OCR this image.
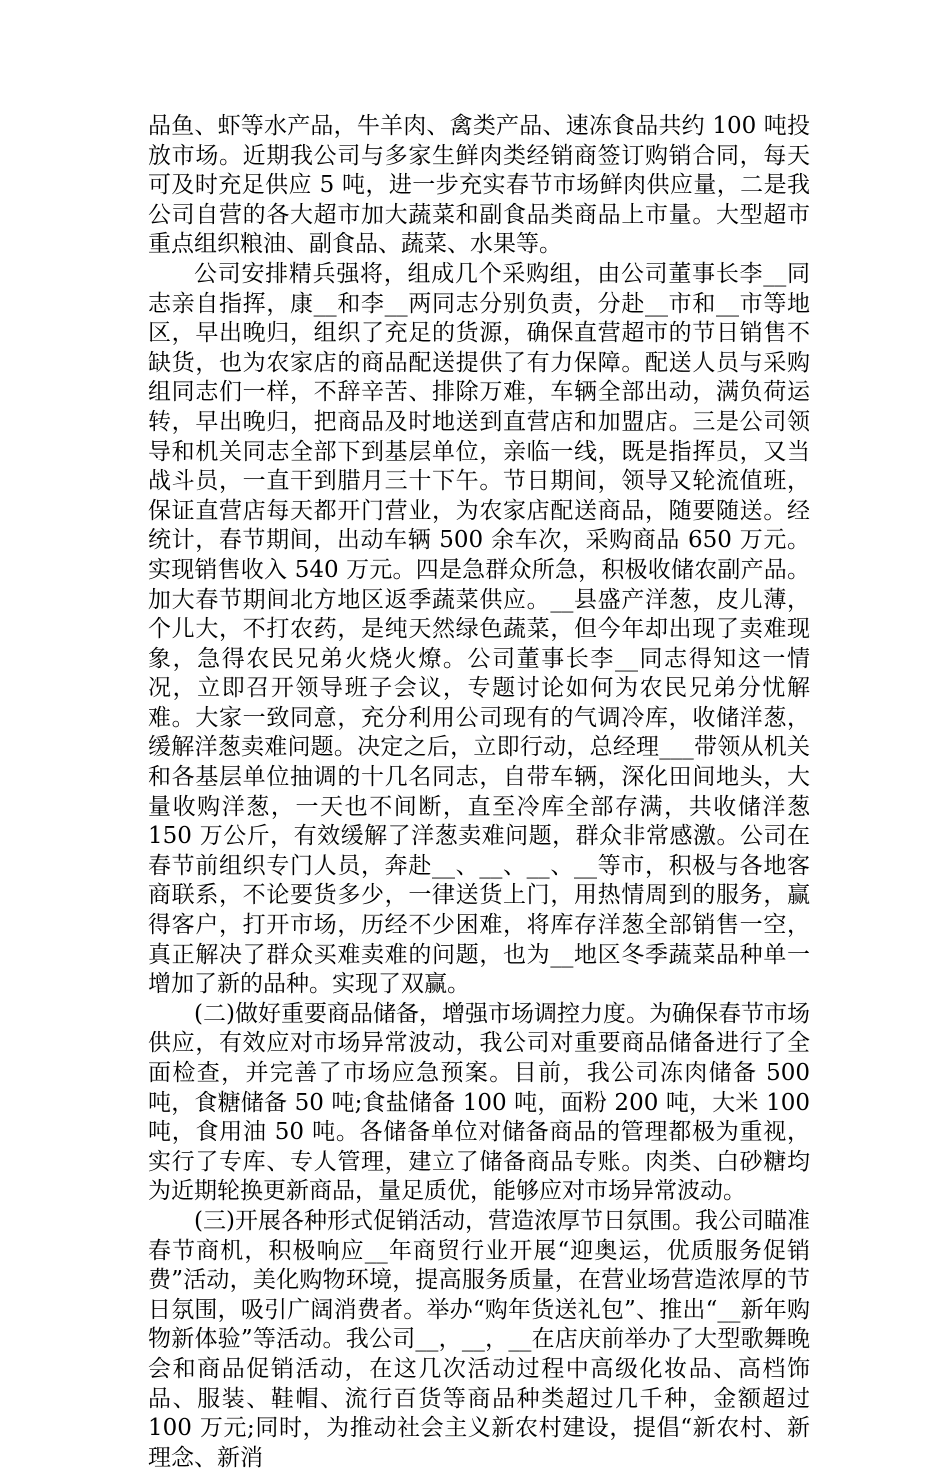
品鱼、虾等水产品，牛羊肉、禽类产品、速冻食品共约 100 吨投放市场。近期我公司与多家生鲜肉类经销商签订购销合同，每天可及时充足供应 5 吨，进一步充实春节市场鲜肉供应量，二是我公司自营的各大超市加大蔬菜和副食品类商品上市量。大型超市重点组织粮油、副食品、蔬菜、水果等。

公司安排精兵强将，组成几个采购组，由公司董事长李__同志亲自指挥，康__和李__两同志分别负责，分赴__市和__市等地区，早出晚归，组织了充足的货源，确保直营超市的节日销售不缺货，也为农家店的商品配送提供了有力保障。配送人员与采购组同志们一样，不辞辛苦、排除万难，车辆全部出动，满负荷运转，早出晚归，把商品及时地送到直营店和加盟店。三是公司领导和机关同志全部下到基层单位，亲临一线，既是指挥员，又当战斗员，一直干到腊月三十下午。节日期间，领导又轮流值班，保证直营店每天都开门营业，为农家店配送商品，随要随送。经统计，春节期间，出动车辆 500 余车次，采购商品 650 万元。实现销售收入 540 万元。四是急群众所急，积极收储农副产品。加大春节期间北方地区返季蔬菜供应。__县盛产洋葱，皮儿薄，个儿大，不打农药，是纯天然绿色蔬菜，但今年却出现了卖难现象，急得农民兄弟火烧火燎。公司董事长李__同志得知这一情况，立即召开领导班子会议，专题讨论如何为农民兄弟分忧解难。大家一致同意，充分利用公司现有的气调冷库，收储洋葱，缓解洋葱卖难问题。决定之后，立即行动，总经理___带领从机关和各基层单位抽调的十几名同志，自带车辆，深化田间地头，大量收购洋葱，一天也不间断，直至冷库全部存满，共收储洋葱 150 万公斤，有效缓解了洋葱卖难问题，群众非常感激。公司在春节前组织专门人员，奔赴__、__、__、__等市，积极与各地客商联系，不论要货多少，一律送货上门，用热情周到的服务，赢得客户，打开市场，历经不少困难，将库存洋葱全部销售一空，真正解决了群众买难卖难的问题，也为__地区冬季蔬菜品种单一增加了新的品种。实现了双赢。

(二)做好重要商品储备，增强市场调控力度。为确保春节市场供应，有效应对市场异常波动，我公司对重要商品储备进行了全面检查，并完善了市场应急预案。目前，我公司冻肉储备 500 吨，食糖储备 50 吨;食盐储备 100 吨，面粉 200 吨，大米 100 吨，食用油 50 吨。各储备单位对储备商品的管理都极为重视，实行了专库、专人管理，建立了储备商品专账。肉类、白砂糖均为近期轮换更新商品，量足质优，能够应对市场异常波动。

(三)开展各种形式促销活动，营造浓厚节日氛围。我公司瞄准春节商机，积极响应__年商贸行业开展“迎奥运，优质服务促销费”活动，美化购物环境，提高服务质量，在营业场营造浓厚的节日氛围，吸引广阔消费者。举办“购年货送礼包”、推出“__新年购物新体验”等活动。我公司__，__，__在店庆前举办了大型歌舞晚会和商品促销活动，在这几次活动过程中高级化妆品、高档饰品、服装、鞋帽、流行百货等商品种类超过几千种，金额超过 100 万元;同时，为推动社会主义新农村建设，提倡“新农村、新理念、新消
